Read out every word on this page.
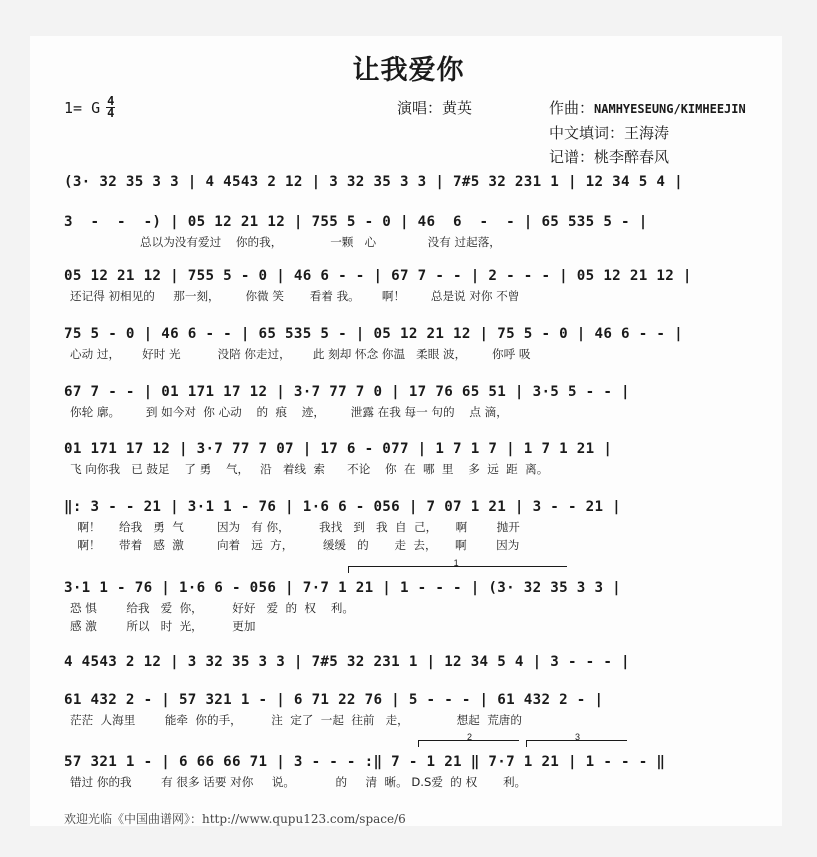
让我爱你
1= G $\frac{4}{4}$	演唱：黄英	作曲：NAMHYESEUNG/KIMHEEJIN
中文填词：王海涛
记谱：桃李醉春风
(3· 32 35 3 3 | 4 4543 2 12 | 3 32 35 3 3 | 7#5 32 231 1 | 12 34 5 4 |
3  -  -  -) | 05 12 21 12 | 755 5 - 0 | 46  6  -  - | 65 535 5 - |
总以为没有爱过    你的我，             一颗   心              没有 过起落，
05 12 21 12 | 755 5 - 0 | 46 6 - - | 67 7 - - | 2 - - - | 05 12 21 12 |
还记得 初相见的     那一刻，       你微 笑       看着 我。      啊！       总是说 对你 不曾
75 5 - 0 | 46 6 - - | 65 535 5 - | 05 12 21 12 | 75 5 - 0 | 46 6 - - |
心动 过，      好时 光          没陪 你走过，      此 刻却 怀念 你温   柔眼 波，       你呼 吸
67 7 - - | 01 171 17 12 | 3·7 77 7 0 | 17 76 65 51 | 3·5 5 - - |
你轮 廓。       到 如今对  你 心动    的  痕    迹，       泄露 在我 每一 句的    点 滴，
01 171 17 12 | 3·7 77 7 07 | 17 6 - 077 | 1 7 1 7 | 1 7 1 21 |
飞 向你我   已 鼓足    了 勇    气，   沿   着线  索      不论    你  在  哪  里    多  远  距  离。
‖: 3 - - 21 | 3·1 1 - 76 | 1·6 6 - 056 | 7 07 1 21 | 3 - - 21 |
啊！     给我   勇  气         因为   有 你，        我找   到   我  自  己，     啊        抛开
啊！     带着   感  激         向着   远  方，        缓缓   的       走  去，     啊        因为
1
3·1 1 - 76 | 1·6 6 - 056 | 7·7 1 21 | 1 - - - | (3· 32 35 3 3 |
恐 惧        给我   爱  你，        好好   爱  的  权    利。
感 激        所以   时  光，        更加
4 4543 2 12 | 3 32 35 3 3 | 7#5 32 231 1 | 12 34 5 4 | 3 - - - |
61 432 2 - | 57 321 1 - | 6 71 22 76 | 5 - - - | 61 432 2 - |
茫茫  人海里        能牵  你的手，        注  定了  一起  往前   走，             想起  荒唐的
2	3
57 321 1 - | 6 66 66 71 | 3 - - - :‖ 7 - 1 21 ‖ 7·7 1 21 | 1 - - - ‖
错过 你的我        有 很多 话要 对你     说。           的     清  晰。 D.S爱  的 权       利。
欢迎光临《中国曲谱网》：http://www.qupu123.com/space/6
